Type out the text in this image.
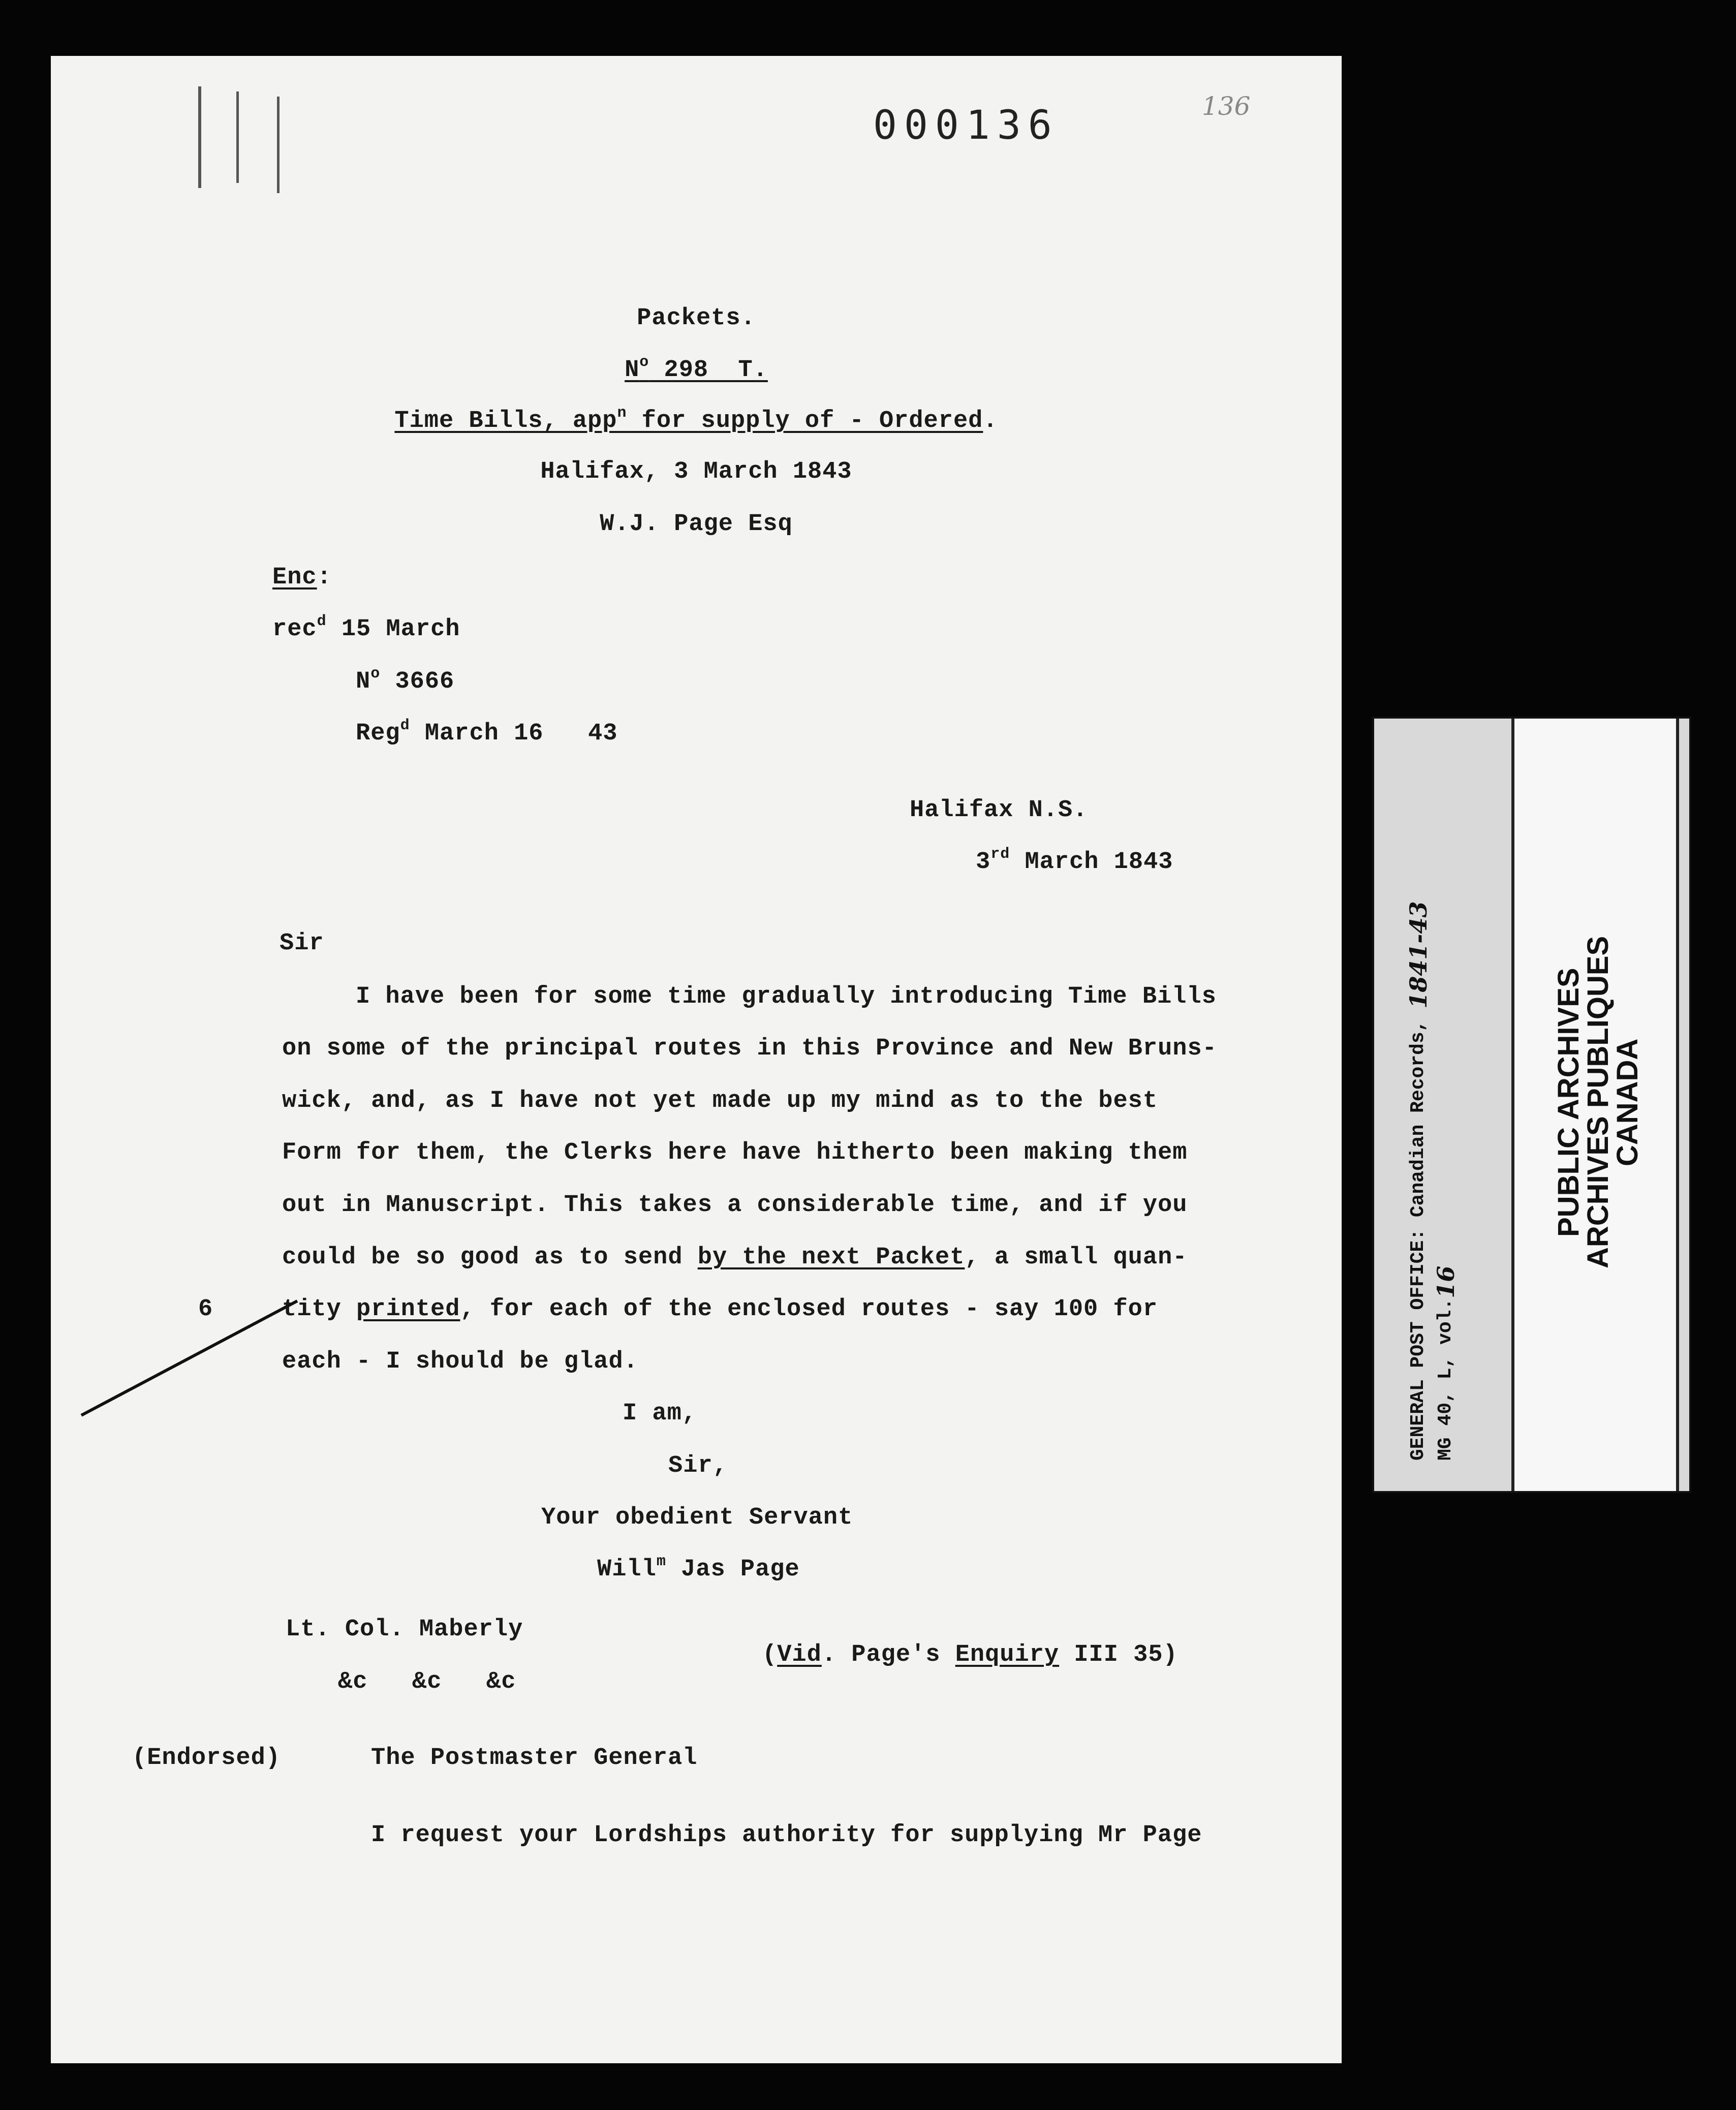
000136	136
Packets.
$N^o$ 298  T.
Time Bills, app$^n$ for supply of - Ordered.
Halifax, 3 March 1843
W.J. Page Esq
Enc:
rec$^d$ 15 March
$N^o$ 3666
Reg$^d$ March 16   43
Halifax N.S.
3rd March 1843
Sir
I have been for some time gradually introducing Time Bills
on some of the principal routes in this Province and New Bruns-
wick, and, as I have not yet made up my mind as to the best
Form for them, the Clerks here have hitherto been making them
out in Manuscript. This takes a considerable time, and if you
could be so good as to send by the next Packet, a small quan-
tity printed, for each of the enclosed routes - say 100 for
each - I should be glad.
6
I am,
Sir,
Your obedient Servant
Will$^m$ Jas Page
Lt. Col. Maberly
&c   &c   &c
(Vid. Page's Enquiry III 35)
(Endorsed)	The Postmaster General
I request your Lordships authority for supplying Mr Page
GENERAL POST OFFICE: Canadian Records, 1841-43
MG 40, L, vol.16
PUBLIC ARCHIVES
ARCHIVES PUBLIQUES
CANADA
